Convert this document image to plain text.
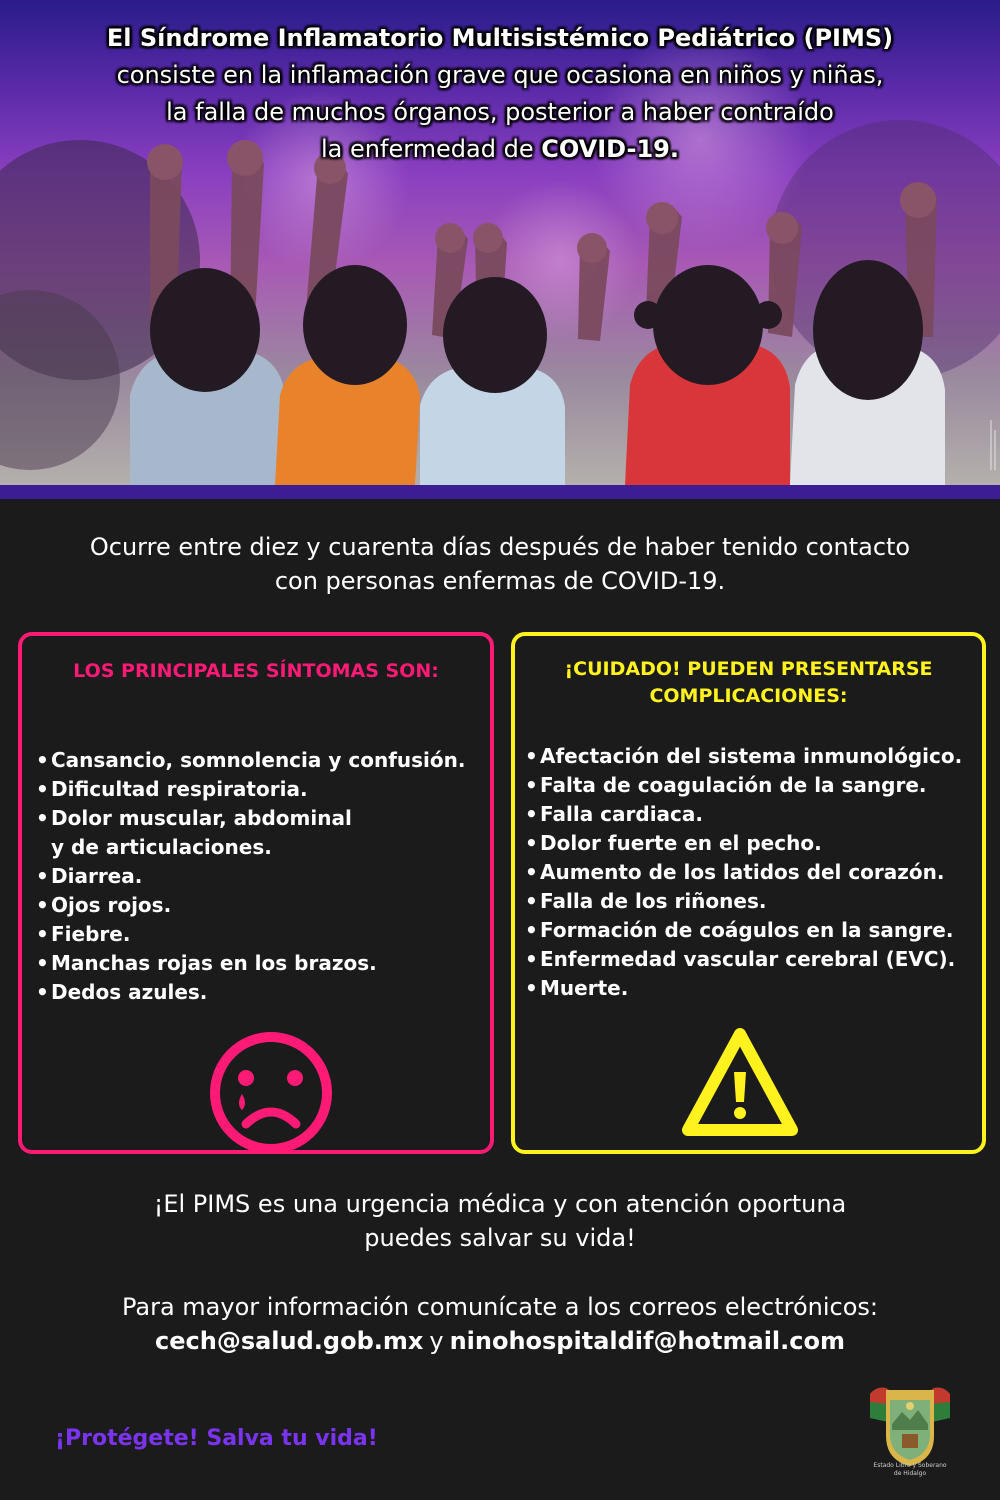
El Síndrome Inflamatorio Multisistémico Pediátrico (PIMS)
consiste en la inflamación grave que ocasiona en niños y niñas,
la falla de muchos órganos, posterior a haber contraído
la enfermedad de COVID-19.
Ocurre entre diez y cuarenta días después de haber tenido contacto
con personas enfermas de COVID-19.
LOS PRINCIPALES SÍNTOMAS SON:
• Cansancio, somnolencia y confusión.
• Dificultad respiratoria.
• Dolor muscular, abdominal
y de articulaciones.
• Diarrea.
• Ojos rojos.
• Fiebre.
• Manchas rojas en los brazos.
• Dedos azules.
¡CUIDADO! PUEDEN PRESENTARSE
COMPLICACIONES:
• Afectación del sistema inmunológico.
• Falta de coagulación de la sangre.
• Falla cardiaca.
• Dolor fuerte en el pecho.
• Aumento de los latidos del corazón.
• Falla de los riñones.
• Formación de coágulos en la sangre.
• Enfermedad vascular cerebral (EVC).
• Muerte.
¡El PIMS es una urgencia médica y con atención oportuna
puedes salvar su vida!
Para mayor información comunícate a los correos electrónicos:
cech@salud.gob.mx y ninohospitaldif@hotmail.com
¡Protégete! Salva tu vida!
Estado Libre y Soberano
de Hidalgo
